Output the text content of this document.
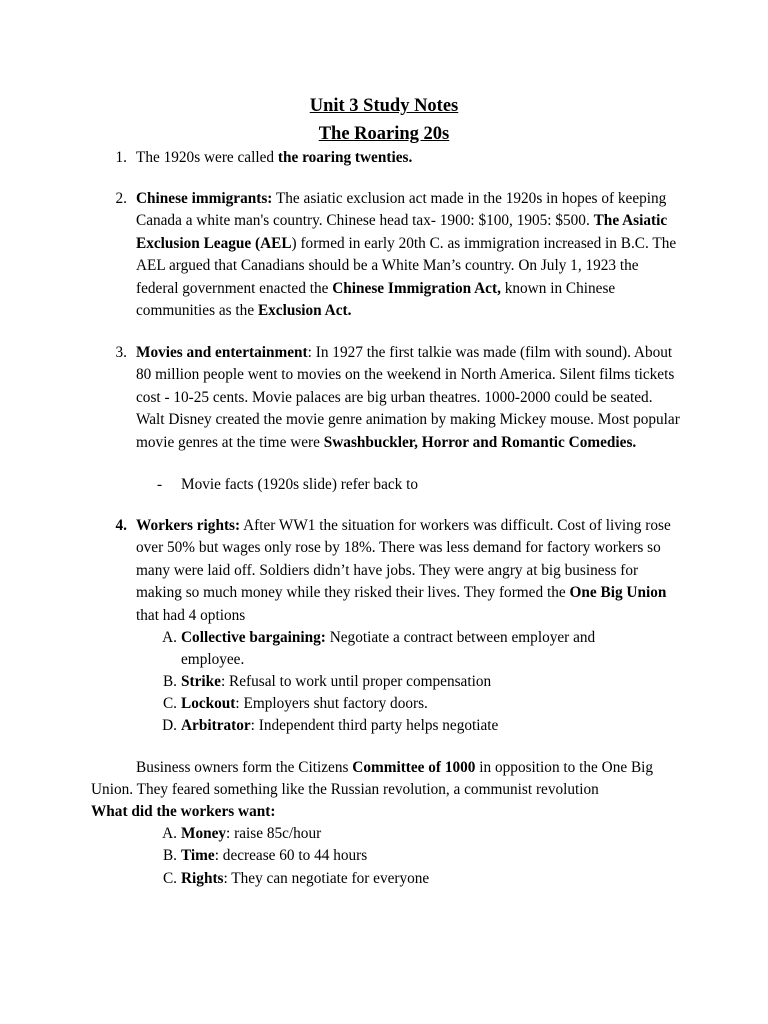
Unit 3 Study Notes
The Roaring 20s
1. The 1920s were called the roaring twenties.
2. Chinese immigrants: The asiatic exclusion act made in the 1920s in hopes of keeping Canada a white man's country. Chinese head tax- 1900: $100, 1905: $500. The Asiatic Exclusion League (AEL) formed in early 20th C. as immigration increased in B.C. The AEL argued that Canadians should be a White Man’s country. On July 1, 1923 the federal government enacted the Chinese Immigration Act, known in Chinese communities as the Exclusion Act.
3. Movies and entertainment: In 1927 the first talkie was made (film with sound). About 80 million people went to movies on the weekend in North America. Silent films tickets cost - 10-25 cents. Movie palaces are big urban theatres. 1000-2000 could be seated. Walt Disney created the movie genre animation by making Mickey mouse. Most popular movie genres at the time were Swashbuckler, Horror and Romantic Comedies.
- Movie facts (1920s slide) refer back to
4. Workers rights: After WW1 the situation for workers was difficult. Cost of living rose over 50% but wages only rose by 18%. There was less demand for factory workers so many were laid off. Soldiers didn’t have jobs. They were angry at big business for making so much money while they risked their lives. They formed the One Big Union that had 4 options
A. Collective bargaining: Negotiate a contract between employer and employee.
B. Strike: Refusal to work until proper compensation
C. Lockout: Employers shut factory doors.
D. Arbitrator: Independent third party helps negotiate
Business owners form the Citizens Committee of 1000 in opposition to the One Big Union. They feared something like the Russian revolution, a communist revolution
What did the workers want:
A. Money: raise 85c/hour
B. Time: decrease 60 to 44 hours
C. Rights: They can negotiate for everyone
